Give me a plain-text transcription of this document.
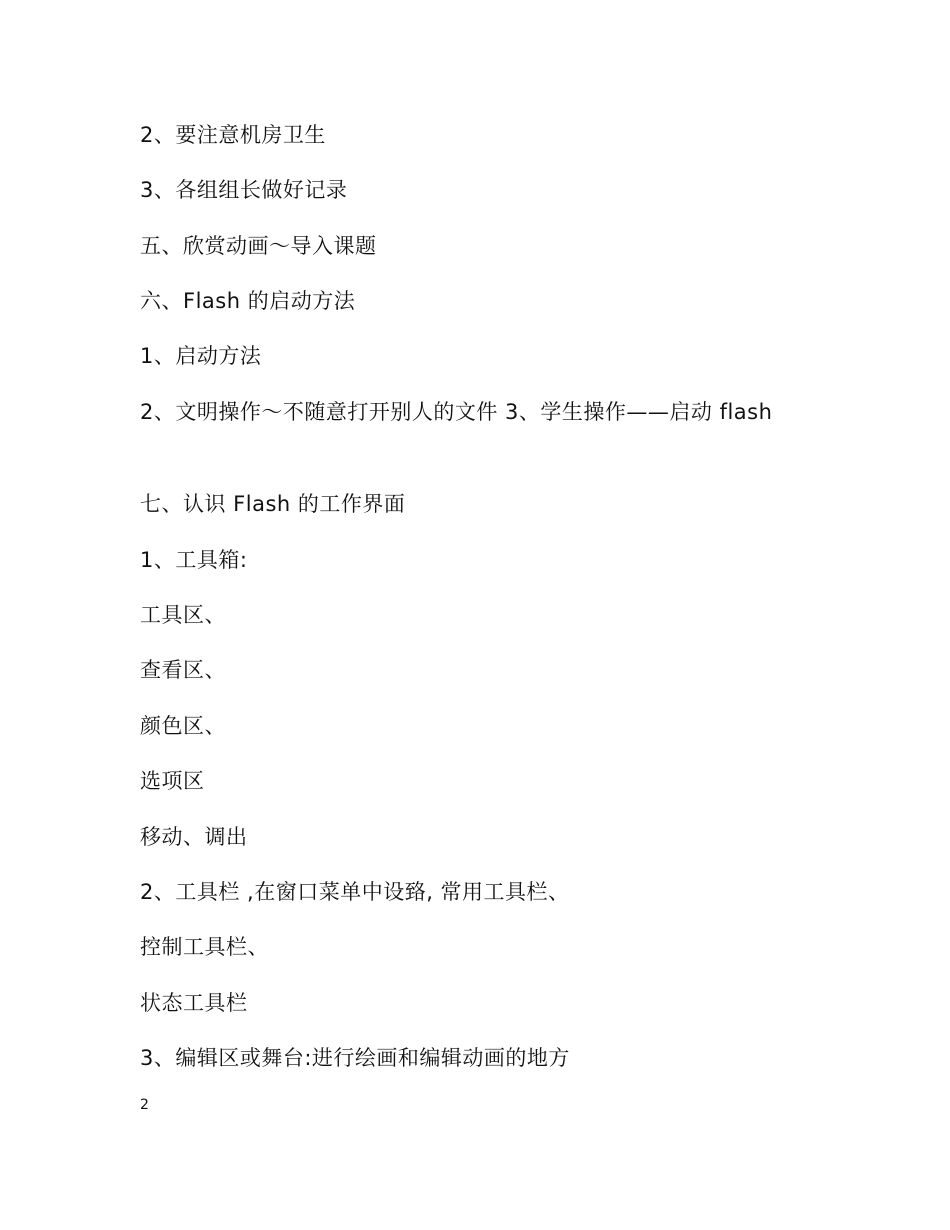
2、要注意机房卫生
3、各组组长做好记录
五、欣赏动画～导入课题
六、Flash 的启动方法
1、启动方法
2、文明操作～不随意打开别人的文件 3、学生操作——启动 flash
七、认识 Flash 的工作界面
1、工具箱:
工具区、
查看区、
颜色区、
选项区
移动、调出
2、工具栏 ,在窗口菜单中设臵, 常用工具栏、
控制工具栏、
状态工具栏
3、编辑区或舞台:进行绘画和编辑动画的地方
2
